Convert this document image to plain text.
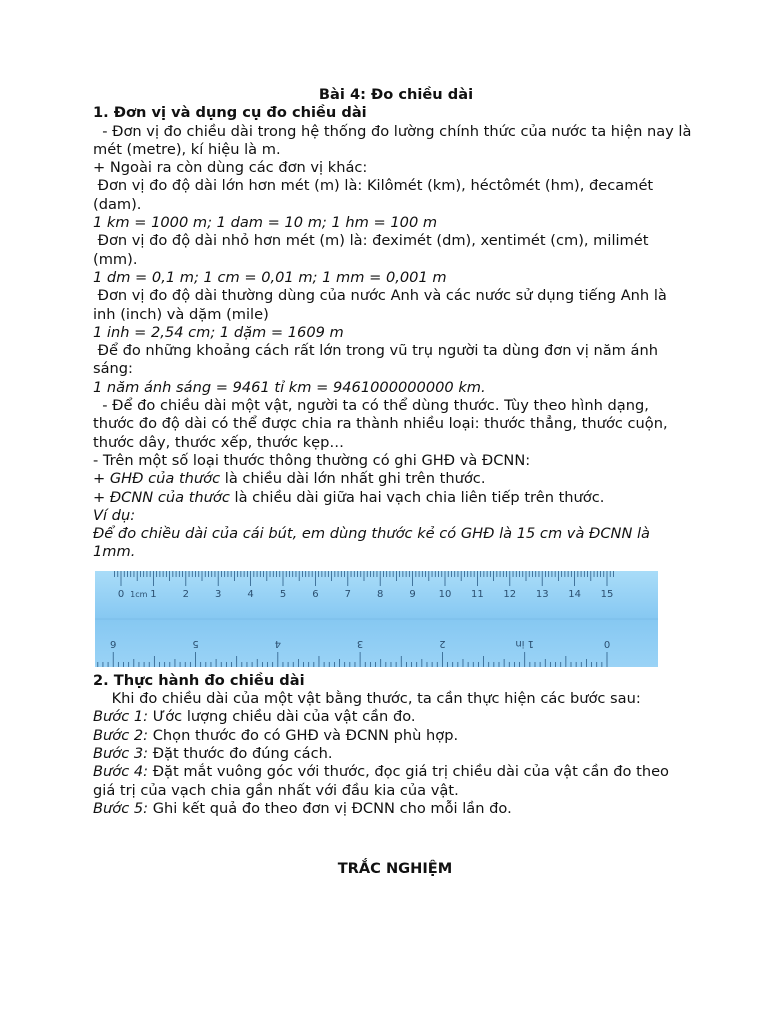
Bài 4: Đo chiều dài

1. Đơn vị và dụng cụ đo chiều dài

- Đơn vị đo chiều dài trong hệ thống đo lường chính thức của nước ta hiện nay là mét (metre), kí hiệu là m.

+ Ngoài ra còn dùng các đơn vị khác:

Đơn vị đo độ dài lớn hơn mét (m) là: Kilômét (km), héctômét (hm), đecamét (dam).

1 km = 1000 m; 1 dam = 10 m; 1 hm = 100 m

Đơn vị đo độ dài nhỏ hơn mét (m) là: đeximét (dm), xentimét (cm), milimét (mm).

1 dm = 0,1 m; 1 cm = 0,01 m; 1 mm = 0,001 m

Đơn vị đo độ dài thường dùng của nước Anh và các nước sử dụng tiếng Anh là inh (inch) và dặm (mile)

1 inh = 2,54 cm; 1 dặm = 1609 m

Để đo những khoảng cách rất lớn trong vũ trụ người ta dùng đơn vị năm ánh sáng:

1 năm ánh sáng = 9461 tỉ km = 9461000000000 km.

- Để đo chiều dài một vật, người ta có thể dùng thước. Tùy theo hình dạng, thước đo độ dài có thể được chia ra thành nhiều loại: thước thẳng, thước cuộn, thước dây, thước xếp, thước kẹp…

- Trên một số loại thước thông thường có ghi GHĐ và ĐCNN:

+ GHĐ của thước là chiều dài lớn nhất ghi trên thước.

+ ĐCNN của thước là chiều dài giữa hai vạch chia liên tiếp trên thước.

Ví dụ:

Để đo chiều dài của cái bút, em dùng thước kẻ có GHĐ là 15 cm và ĐCNN là 1mm.

0	1	2	3	4	5	6	7	8	9 10 11 12 13 14 15
1cm
6	5	4	3	2	1 in	0

2. Thực hành đo chiều dài

Khi đo chiều dài của một vật bằng thước, ta cần thực hiện các bước sau:

Bước 1: Ước lượng chiều dài của vật cần đo.

Bước 2: Chọn thước đo có GHĐ và ĐCNN phù hợp.

Bước 3: Đặt thước đo đúng cách.

Bước 4: Đặt mắt vuông góc với thước, đọc giá trị chiều dài của vật cần đo theo giá trị của vạch chia gần nhất với đầu kia của vật.

Bước 5: Ghi kết quả đo theo đơn vị ĐCNN cho mỗi lần đo.

TRẮC NGHIỆM
